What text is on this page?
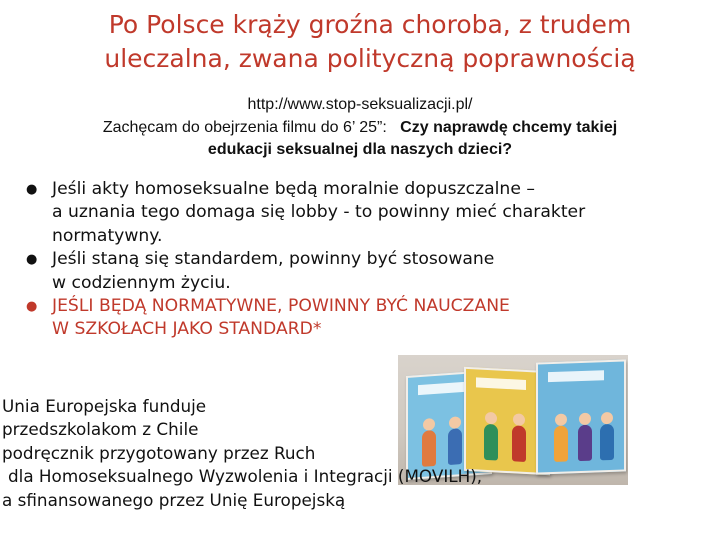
Po Polsce krąży groźna choroba, z trudem
uleczalna, zwana polityczną poprawnością
http://www.stop-seksualizacji.pl/
Zachęcam do obejrzenia filmu do 6’ 25”: Czy naprawdę chcemy takiej
edukacji seksualnej dla naszych dzieci?
● Jeśli akty homoseksualne będą moralnie dopuszczalne –
a uznania tego domaga się lobby - to powinny mieć charakter
normatywny.
● Jeśli staną się standardem, powinny być stosowane
w codziennym życiu.
● JEŚLI BĘDĄ NORMATYWNE, POWINNY BYĆ NAUCZANE
W SZKOŁACH JAKO STANDARD*
Unia Europejska funduje
przedszkolakom z Chile
podręcznik przygotowany przez Ruch
dla Homoseksualnego Wyzwolenia i Integracji (MOVILH),
a sfinansowanego przez Unię Europejską
